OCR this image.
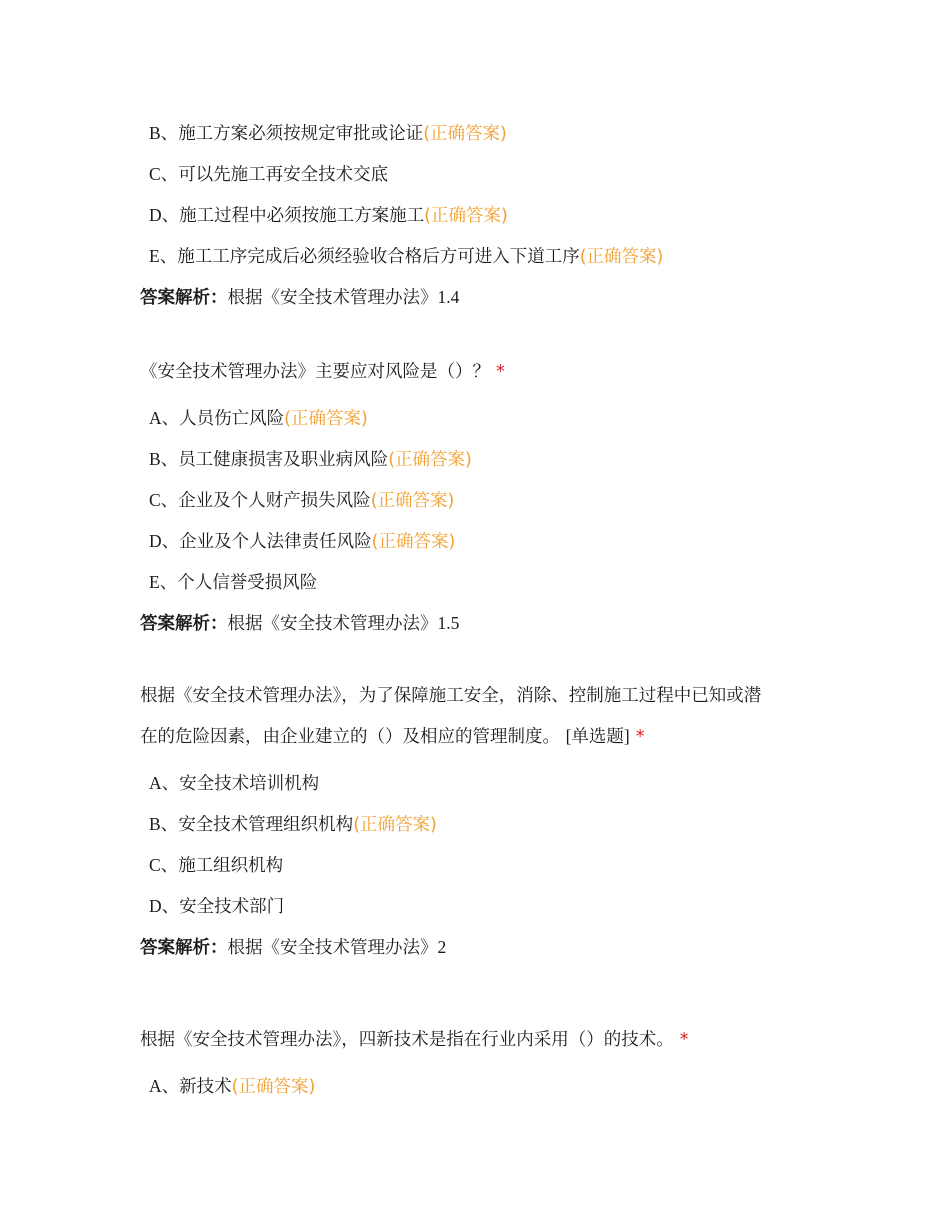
B、施工方案必须按规定审批或论证(正确答案)

C、可以先施工再安全技术交底

D、施工过程中必须按施工方案施工(正确答案)

E、施工工序完成后必须经验收合格后方可进入下道工序(正确答案)

答案解析：根据《安全技术管理办法》1.4

《安全技术管理办法》主要应对风险是（）？ *

A、人员伤亡风险(正确答案)

B、员工健康损害及职业病风险(正确答案)

C、企业及个人财产损失风险(正确答案)

D、企业及个人法律责任风险(正确答案)

E、个人信誉受损风险

答案解析：根据《安全技术管理办法》1.5

根据《安全技术管理办法》，为了保障施工安全，消除、控制施工过程中已知或潜

在的危险因素，由企业建立的（）及相应的管理制度。 [单选题] *

A、安全技术培训机构

B、安全技术管理组织机构(正确答案)

C、施工组织机构

D、安全技术部门

答案解析：根据《安全技术管理办法》2

根据《安全技术管理办法》，四新技术是指在行业内采用（）的技术。 *

A、新技术(正确答案)
